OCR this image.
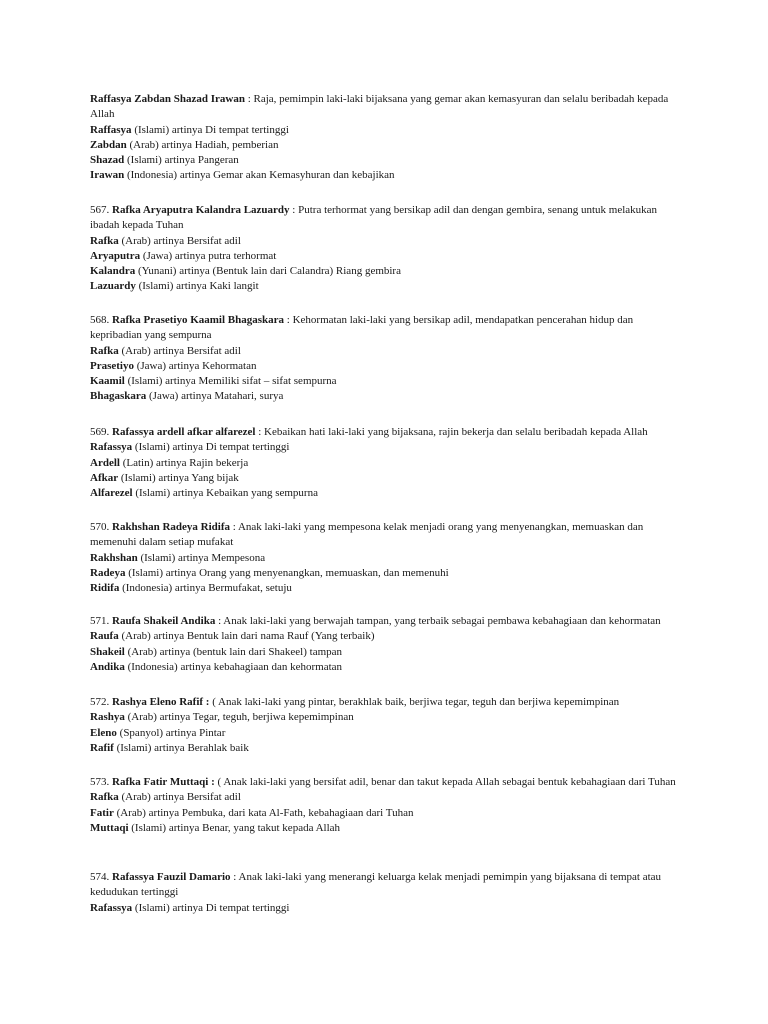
Raffasya Zabdan Shazad Irawan : Raja, pemimpin laki-laki bijaksana yang gemar akan kemasyuran dan selalu beribadah kepada Allah

Raffasya (Islami) artinya Di tempat tertinggi

Zabdan (Arab) artinya Hadiah, pemberian

Shazad (Islami) artinya Pangeran

Irawan (Indonesia) artinya Gemar akan Kemasyhuran dan kebajikan

567. Rafka Aryaputra Kalandra Lazuardy : Putra terhormat yang bersikap adil dan dengan gembira, senang untuk melakukan ibadah kepada Tuhan

Rafka (Arab) artinya Bersifat adil

Aryaputra (Jawa) artinya putra terhormat

Kalandra (Yunani) artinya (Bentuk lain dari Calandra) Riang gembira

Lazuardy (Islami) artinya Kaki langit

568. Rafka Prasetiyo Kaamil Bhagaskara : Kehormatan laki-laki yang bersikap adil, mendapatkan pencerahan hidup dan kepribadian yang sempurna

Rafka (Arab) artinya Bersifat adil

Prasetiyo (Jawa) artinya Kehormatan

Kaamil (Islami) artinya Memiliki sifat – sifat sempurna

Bhagaskara (Jawa) artinya Matahari, surya

569. Rafassya ardell afkar alfarezel : Kebaikan hati laki-laki yang bijaksana, rajin bekerja dan selalu beribadah kepada Allah

Rafassya (Islami) artinya Di tempat tertinggi

Ardell (Latin) artinya Rajin bekerja

Afkar (Islami) artinya Yang bijak

Alfarezel (Islami) artinya Kebaikan yang sempurna

570. Rakhshan Radeya Ridifa : Anak laki-laki yang mempesona kelak menjadi orang yang menyenangkan, memuaskan dan memenuhi dalam setiap mufakat

Rakhshan (Islami) artinya Mempesona

Radeya (Islami) artinya Orang yang menyenangkan, memuaskan, dan memenuhi

Ridifa (Indonesia) artinya Bermufakat, setuju

571. Raufa Shakeil Andika : Anak laki-laki yang berwajah tampan, yang terbaik sebagai pembawa kebahagiaan dan kehormatan

Raufa (Arab) artinya Bentuk lain dari nama Rauf (Yang terbaik)

Shakeil (Arab) artinya (bentuk lain dari Shakeel) tampan

Andika (Indonesia) artinya kebahagiaan dan kehormatan

572. Rashya Eleno Rafif : ( Anak laki-laki yang pintar, berakhlak baik, berjiwa tegar, teguh dan berjiwa kepemimpinan

Rashya (Arab) artinya Tegar, teguh, berjiwa kepemimpinan

Eleno (Spanyol) artinya Pintar

Rafif (Islami) artinya Berahlak baik

573. Rafka Fatir Muttaqi : ( Anak laki-laki yang bersifat adil, benar dan takut kepada Allah sebagai bentuk kebahagiaan dari Tuhan

Rafka (Arab) artinya Bersifat adil

Fatir (Arab) artinya Pembuka, dari kata Al-Fath, kebahagiaan dari Tuhan

Muttaqi (Islami) artinya Benar, yang takut kepada Allah

574. Rafassya Fauzil Damario : Anak laki-laki yang menerangi keluarga kelak menjadi pemimpin yang bijaksana di tempat atau kedudukan tertinggi

Rafassya (Islami) artinya Di tempat tertinggi
